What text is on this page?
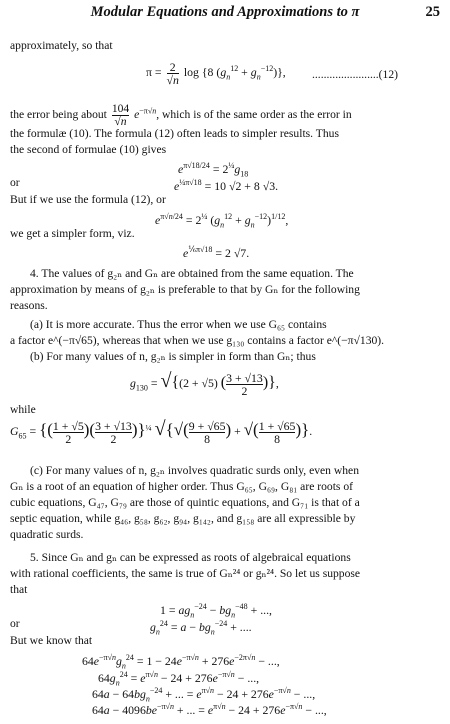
Modular Equations and Approximations to π	25
approximately, so that
$\pi = \frac{2}{√n}$ log {8 $(g_n^{12} + g_n^{-12})$}, .......................(12)
the error being about $\frac{104}{√n} e^{-\pi√n}$, which is of the same order as the error in
the formulæ (10). The formula (12) often leads to simpler results. Thus
the second of formulae (10) gives
$e^{\pi√18/24} = 2^{\frac{1}{4}}g_{18}$
or	$e^{\frac{1}{4}\pi√18} = 10$ √2 + 8 √3.
But if we use the formula (12), or
$e^{\pi√n/24} = 2^{\frac{1}{4}}$ $(g_n^{12} + g_n^{-12})^{1/12}$,
we get a simpler form, viz.
$e^{\frac{1}{6}\pi√18} = 2$ √7.
4. The values of g₂ₙ and Gₙ are obtained from the same equation. The
approximation by means of g₂ₙ is preferable to that by Gₙ for the following
reasons.
(a) It is more accurate. Thus the error when we use G₆₅ contains
a factor e^(−π√65), whereas that when we use g₁₃₀ contains a factor e^(−π√130).
(b) For many values of n, g₂ₙ is simpler in form than Gₙ; thus
$g_{130} = √\{(2 + √5)$ ( $\frac{3 + √13}{2}$ )},
while
$G_{65}$ = {( $\frac{1 + √5}{2}$ )( $\frac{3 + √13}{2} )\}^{\frac{1}{4}}$ √{√( $\frac{9 + √65}{8}$ ) + √( $\frac{1 + √65}{8}$ )}.
(c) For many values of n, g₂ₙ involves quadratic surds only, even when
Gₙ is a root of an equation of higher order. Thus G₆₅, G₆₉, G₈₁ are roots of
cubic equations, G₄₇, G₇₉ are those of quintic equations, and G₇₁ is that of a
septic equation, while g₄₆, g₅₈, g₆₂, g₉₄, g₁₄₂, and g₁₅₈ are all expressible by
quadratic surds.
5. Since Gₙ and gₙ can be expressed as roots of algebraical equations
with rational coefficients, the same is true of Gₙ²⁴ or gₙ²⁴. So let us suppose
that
$1 = ag_n^{-24} - bg_n^{-48}$ + ...,
or	$g_n^{24} = a - bg_n^{-24}$ + ....
But we know that
$64e^{-\pi√n}g_n^{24} = 1 - 24e^{-\pi√n} + 276e^{-2\pi√n}$ − ...,
$64g_n^{24} = e^{\pi√n} - 24 + 276e^{-\pi√n}$ − ...,
$64a - 64bg_n^{-24}$ + ... = $e^{\pi√n} - 24 + 276e^{-\pi√n}$ − ...,
$64a - 4096be^{-\pi√n}$ + ... = $e^{\pi√n} - 24 + 276e^{-\pi√n}$ − ...,
